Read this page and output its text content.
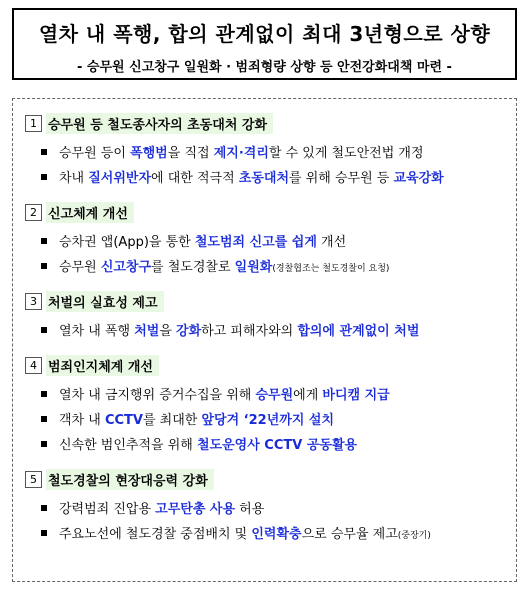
열차 내 폭행, 합의 관계없이 최대 3년형으로 상향
- 승무원 신고창구 일원화 · 범죄형량 상향 등 안전강화대책 마련 -
1 승무원 등 철도종사자의 초동대처 강화
승무원 등이 폭행범을 직접 제지·격리할 수 있게 철도안전법 개정
차내 질서위반자에 대한 적극적 초동대처를 위해 승무원 등 교육강화
2 신고체계 개선
승차권 앱(App)을 통한 철도범죄 신고를 쉽게 개선
승무원 신고창구를 철도경찰로 일원화(경찰협조는 철도경찰이 요청)
3 처벌의 실효성 제고
열차 내 폭행 처벌을 강화하고 피해자와의 합의에 관계없이 처벌
4 범죄인지체계 개선
열차 내 금지행위 증거수집을 위해 승무원에게 바디캠 지급
객차 내 CCTV를 최대한 앞당겨 ‘22년까지 설치
신속한 범인추적을 위해 철도운영사 CCTV 공동활용
5 철도경찰의 현장대응력 강화
강력범죄 진압용 고무탄총 사용 허용
주요노선에 철도경찰 중점배치 및 인력확충으로 승무율 제고(중장기)
